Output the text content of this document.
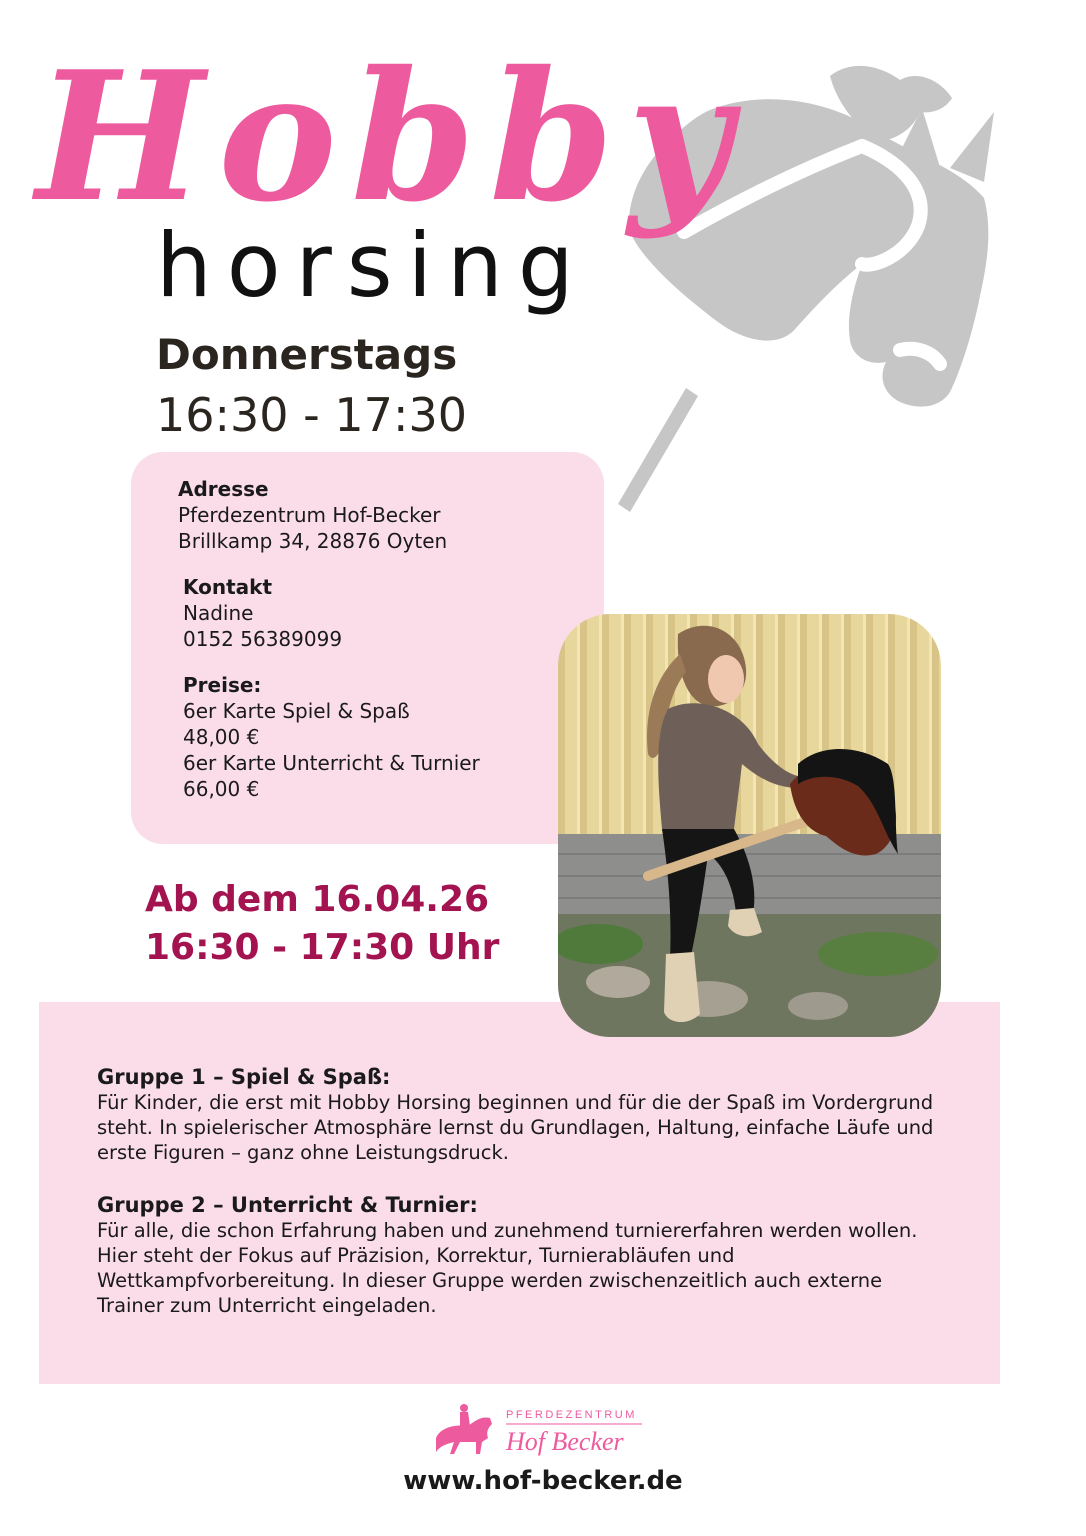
Hobby
horsing
Donnerstags
16:30 - 17:30
Adresse
Pferdezentrum Hof-Becker
Brillkamp 34, 28876 Oyten
Kontakt
Nadine
0152 56389099
Preise:
6er Karte Spiel & Spaß
48,00 €
6er Karte Unterricht & Turnier
66,00 €
Ab dem 16.04.26
16:30 - 17:30 Uhr
Gruppe 1 – Spiel & Spaß:
Für Kinder, die erst mit Hobby Horsing beginnen und für die der Spaß im Vordergrund
steht. In spielerischer Atmosphäre lernst du Grundlagen, Haltung, einfache Läufe und
erste Figuren – ganz ohne Leistungsdruck.
Gruppe 2 – Unterricht & Turnier:
Für alle, die schon Erfahrung haben und zunehmend turniererfahren werden wollen.
Hier steht der Fokus auf Präzision, Korrektur, Turnierabläufen und
Wettkampfvorbereitung. In dieser Gruppe werden zwischenzeitlich auch externe
Trainer zum Unterricht eingeladen.
PFERDEZENTRUM
Hof Becker
www.hof-becker.de
